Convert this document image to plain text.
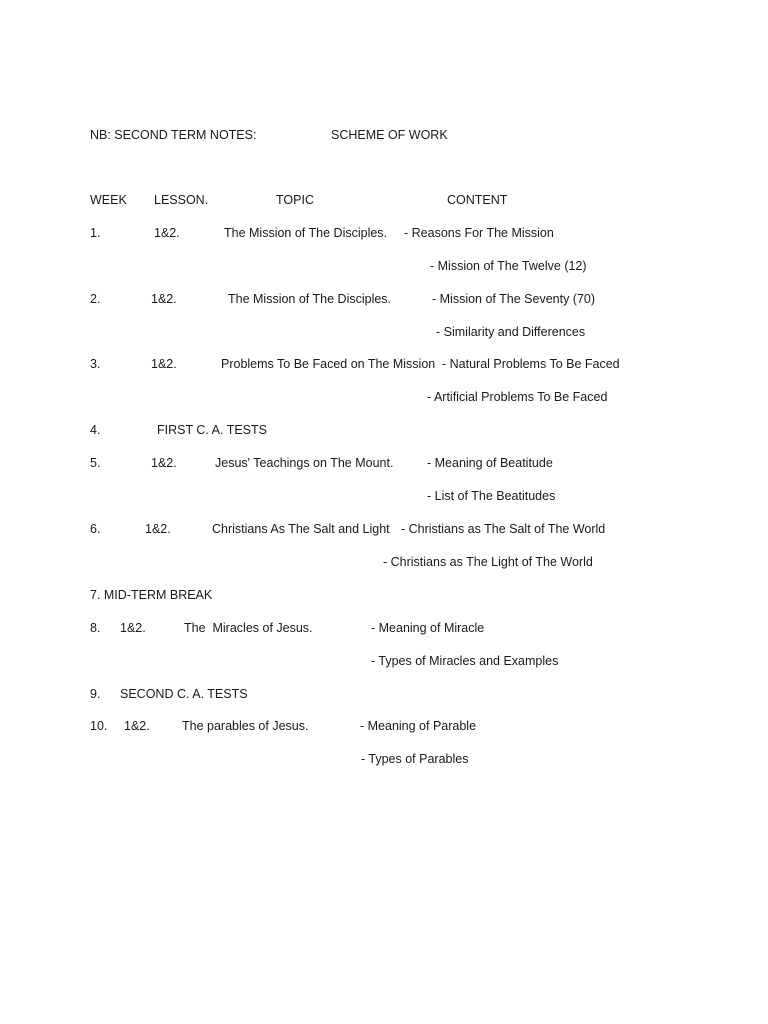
NB: SECOND TERM NOTES:	SCHEME OF WORK
WEEK LESSON.	TOPIC	CONTENT
1.	1&2.	The Mission of The Disciples. - Reasons For The Mission
- Mission of The Twelve (12)
2.	1&2.	The Mission of The Disciples.	- Mission of The Seventy (70)
- Similarity and Differences
3.	1&2.	Problems To Be Faced on The Mission - Natural Problems To Be Faced
- Artificial Problems To Be Faced
4.	FIRST C. A. TESTS
5.	1&2.	Jesus' Teachings on The Mount.	- Meaning of Beatitude
- List of The Beatitudes
6.	1&2.	Christians As The Salt and Light - Christians as The Salt of The World
- Christians as The Light of The World
7. MID-TERM BREAK
8. 1&2.	The  Miracles of Jesus.	- Meaning of Miracle
- Types of Miracles and Examples
9. SECOND C. A. TESTS
10. 1&2.	The parables of Jesus.	- Meaning of Parable
- Types of Parables
